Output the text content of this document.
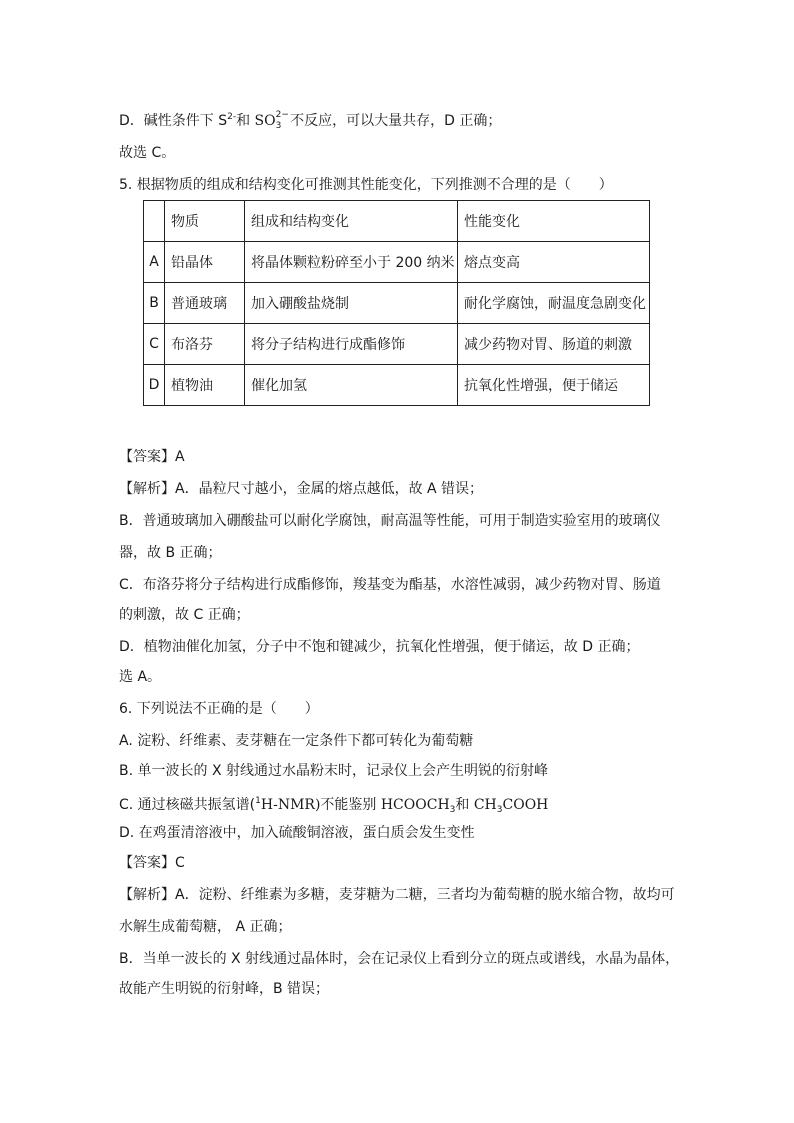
D．碱性条件下 $S^{2-}$和 SO 2−
3 不反应，可以大量共存，D 正确；
故选 C。
5. 根据物质的组成和结构变化可推测其性能变化，下列推测不合理的是（　　）
	物质	组成和结构变化	性能变化
A	铅晶体	将晶体颗粒粉碎至小于 200 纳米	熔点变高
B	普通玻璃	加入硼酸盐烧制	耐化学腐蚀，耐温度急剧变化
C	布洛芬	将分子结构进行成酯修饰	减少药物对胃、肠道的刺激
D	植物油	催化加氢	抗氧化性增强，便于储运
【答案】A
【解析】A．晶粒尺寸越小，金属的熔点越低，故 A 错误；
B．普通玻璃加入硼酸盐可以耐化学腐蚀，耐高温等性能，可用于制造实验室用的玻璃仪
器，故 B 正确；
C．布洛芬将分子结构进行成酯修饰，羧基变为酯基，水溶性减弱，减少药物对胃、肠道
的刺激，故 C 正确；
D．植物油催化加氢，分子中不饱和键减少，抗氧化性增强，便于储运，故 D 正确；
选 A。
6. 下列说法不正确的是（　　）
A. 淀粉、纤维素、麦芽糖在一定条件下都可转化为葡萄糖
B. 单一波长的 X 射线通过水晶粉末时，记录仪上会产生明锐的衍射峰
C. 通过核磁共振氢谱($^1$H-NMR)不能鉴别 $HCOOCH_3$和 $CH_3COOH$
D. 在鸡蛋清溶液中，加入硫酸铜溶液，蛋白质会发生变性
【答案】C
【解析】A．淀粉、纤维素为多糖，麦芽糖为二糖，三者均为葡萄糖的脱水缩合物，故均可
水解生成葡萄糖， A 正确；
B．当单一波长的 X 射线通过晶体时，会在记录仪上看到分立的斑点或谱线，水晶为晶体，
故能产生明锐的衍射峰，B 错误；
